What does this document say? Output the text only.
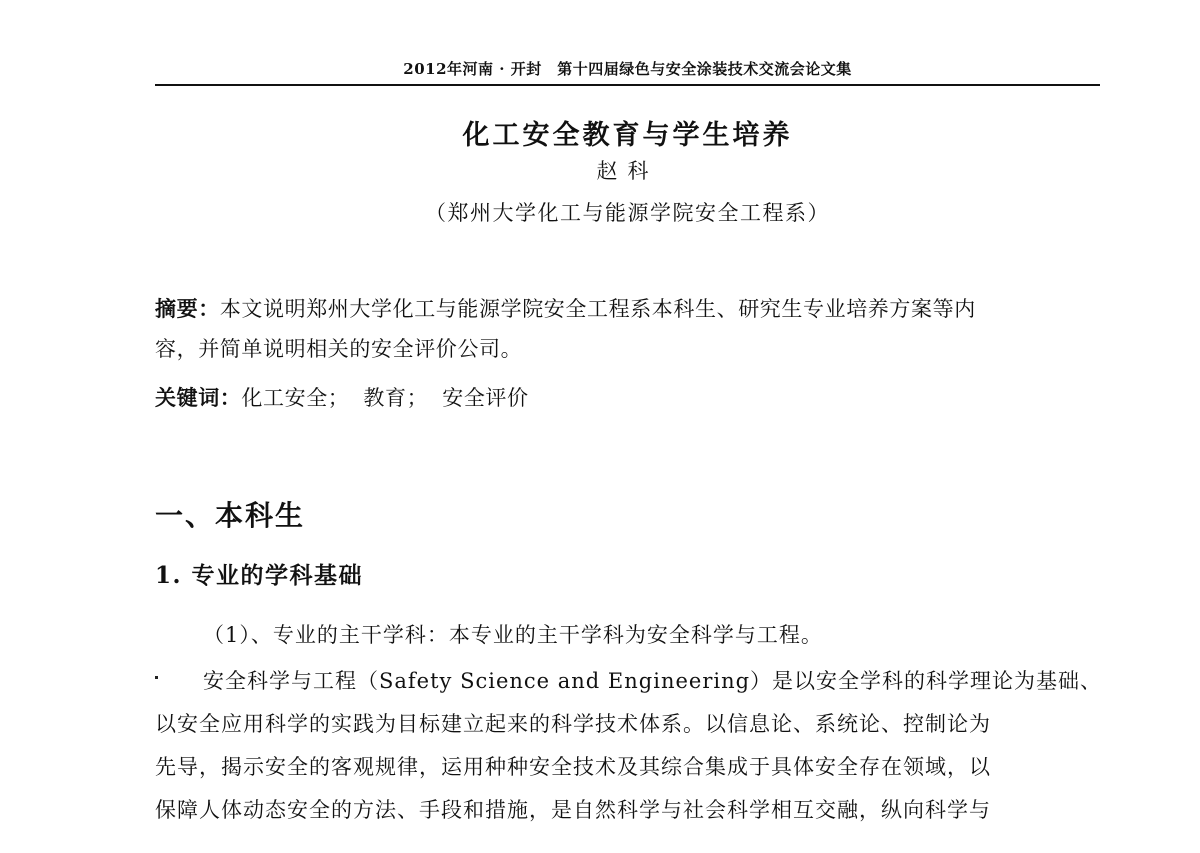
2012年河南 · 开封　第十四届绿色与安全涂装技术交流会论文集
化工安全教育与学生培养
赵科
（郑州大学化工与能源学院安全工程系）
摘要：本文说明郑州大学化工与能源学院安全工程系本科生、研究生专业培养方案等内
容，并简单说明相关的安全评价公司。
关键词：化工安全； 教育； 安全评价
一、本科生
1. 专业的学科基础
（1）、专业的主干学科：本专业的主干学科为安全科学与工程。
安全科学与工程（Safety Science and Engineering）是以安全学科的科学理论为基础、
以安全应用科学的实践为目标建立起来的科学技术体系。以信息论、系统论、控制论为
先导，揭示安全的客观规律，运用种种安全技术及其综合集成于具体安全存在领域，以
保障人体动态安全的方法、手段和措施，是自然科学与社会科学相互交融，纵向科学与
